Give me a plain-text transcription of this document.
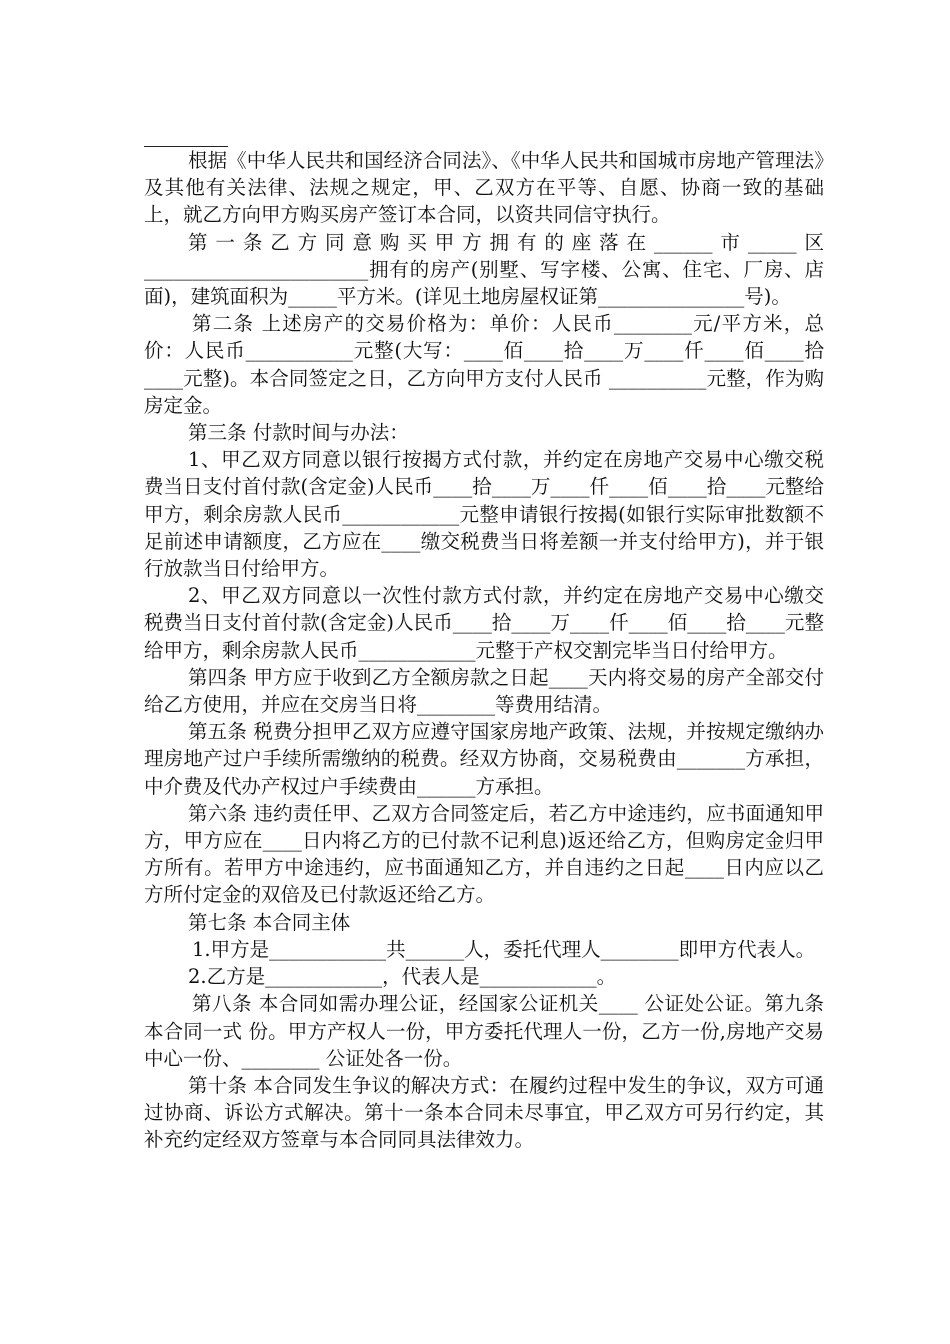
根据《中华人民共和国经济合同法》、《中华人民共和国城市房地产管理法》及其他有关法律、法规之规定，甲、乙双方在平等、自愿、协商一致的基础上，就乙方向甲方购买房产签订本合同，以资共同信守执行。

第一条乙方同意购买甲方拥有的座落在______市_____区_______________________拥有的房产(别墅、写字楼、公寓、住宅、厂房、店面)，建筑面积为_____平方米。(详见土地房屋权证第_______________号)。

第二条 上述房产的交易价格为：单价：人民币________元/平方米，总价：人民币___________元整(大写：____佰____拾____万____仟____佰____拾____元整)。本合同签定之日，乙方向甲方支付人民币 __________元整，作为购房定金。

第三条 付款时间与办法：

1、甲乙双方同意以银行按揭方式付款，并约定在房地产交易中心缴交税费当日支付首付款(含定金)人民币____拾____万____仟____佰____拾____元整给甲方，剩余房款人民币____________元整申请银行按揭(如银行实际审批数额不足前述申请额度，乙方应在____缴交税费当日将差额一并支付给甲方)，并于银行放款当日付给甲方。

2、甲乙双方同意以一次性付款方式付款，并约定在房地产交易中心缴交税费当日支付首付款(含定金)人民币____拾____万____仟____佰____拾____元整给甲方，剩余房款人民币____________元整于产权交割完毕当日付给甲方。

第四条 甲方应于收到乙方全额房款之日起____天内将交易的房产全部交付给乙方使用，并应在交房当日将________等费用结清。

第五条 税费分担甲乙双方应遵守国家房地产政策、法规，并按规定缴纳办理房地产过户手续所需缴纳的税费。经双方协商，交易税费由_______方承担，中介费及代办产权过户手续费由______方承担。

第六条 违约责任甲、乙双方合同签定后，若乙方中途违约，应书面通知甲方，甲方应在____日内将乙方的已付款不记利息)返还给乙方，但购房定金归甲方所有。若甲方中途违约，应书面通知乙方，并自违约之日起____日内应以乙方所付定金的双倍及已付款返还给乙方。

第七条 本合同主体

1.甲方是____________共______人，委托代理人________即甲方代表人。

2.乙方是____________，代表人是____________。

第八条 本合同如需办理公证，经国家公证机关____ 公证处公证。第九条 本合同一式 份。甲方产权人一份，甲方委托代理人一份，乙方一份,房地产交易中心一份、________ 公证处各一份。

第十条 本合同发生争议的解决方式：在履约过程中发生的争议，双方可通过协商、诉讼方式解决。第十一条本合同未尽事宜，甲乙双方可另行约定，其补充约定经双方签章与本合同同具法律效力。
